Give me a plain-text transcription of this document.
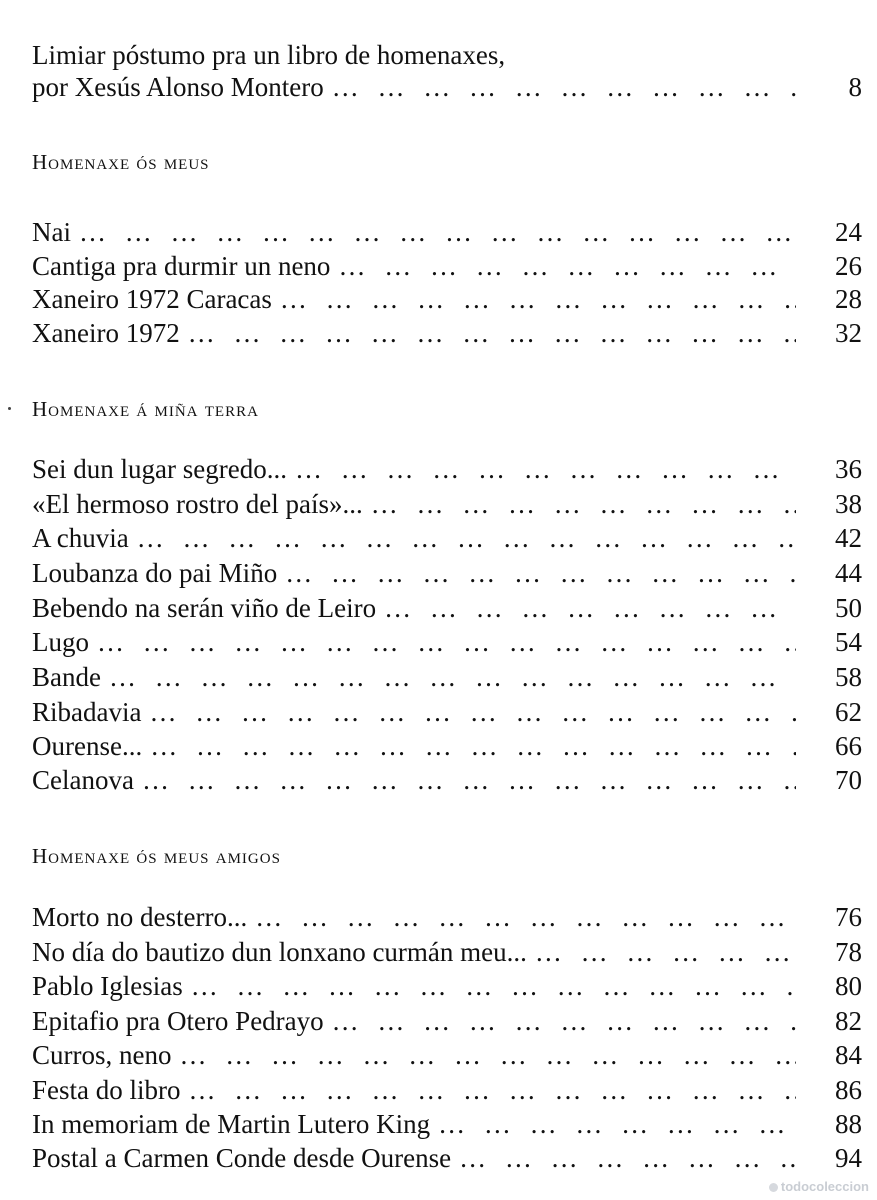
Limiar póstumo pra un libro de homenaxes,
por Xesús Alonso Montero … … … … … … … … … … … … … … … … … … … … … … … … … … … …	8
Homenaxe ós meus
Nai … … … … … … … … … … … … … … … … … … … … … … … … … … … …	24
Cantiga pra durmir un neno … … … … … … … … … … … … … … … … … … … … … … … … … … … …	26
Xaneiro 1972 Caracas … … … … … … … … … … … … … … … … … … … … … … … … … … … …	28
Xaneiro 1972 … … … … … … … … … … … … … … … … … … … … … … … … … … … …	32
Homenaxe á miña terra
Sei dun lugar segredo... … … … … … … … … … … … … … … … … … … … … … … … … … … … …	36
«El hermoso rostro del país»... … … … … … … … … … … … … … … … … … … … … … … … … … … … …	38
A chuvia … … … … … … … … … … … … … … … … … … … … … … … … … … … …	42
Loubanza do pai Miño … … … … … … … … … … … … … … … … … … … … … … … … … … … …	44
Bebendo na serán viño de Leiro … … … … … … … … … … … … … … … … … … … … … … … … … … … …	50
Lugo … … … … … … … … … … … … … … … … … … … … … … … … … … … …	54
Bande … … … … … … … … … … … … … … … … … … … … … … … … … … … …	58
Ribadavia … … … … … … … … … … … … … … … … … … … … … … … … … … … …	62
Ourense... … … … … … … … … … … … … … … … … … … … … … … … … … … … …	66
Celanova … … … … … … … … … … … … … … … … … … … … … … … … … … … …	70
Homenaxe ós meus amigos
Morto no desterro... … … … … … … … … … … … … … … … … … … … … … … … … … … … …	76
No día do bautizo dun lonxano curmán meu... … … … … … … … … … … … … … … … … … … … … … … … … … … … …	78
Pablo Iglesias … … … … … … … … … … … … … … … … … … … … … … … … … … … …	80
Epitafio pra Otero Pedrayo … … … … … … … … … … … … … … … … … … … … … … … … … … … …	82
Curros, neno … … … … … … … … … … … … … … … … … … … … … … … … … … … …	84
Festa do libro … … … … … … … … … … … … … … … … … … … … … … … … … … … …	86
In memoriam de Martin Lutero King … … … … … … … … … … … … … … … … … … … … … … … … … … … …	88
Postal a Carmen Conde desde Ourense … … … … … … … … … … … … … … … … … … … … … … … … … … … …	94
todocoleccion
